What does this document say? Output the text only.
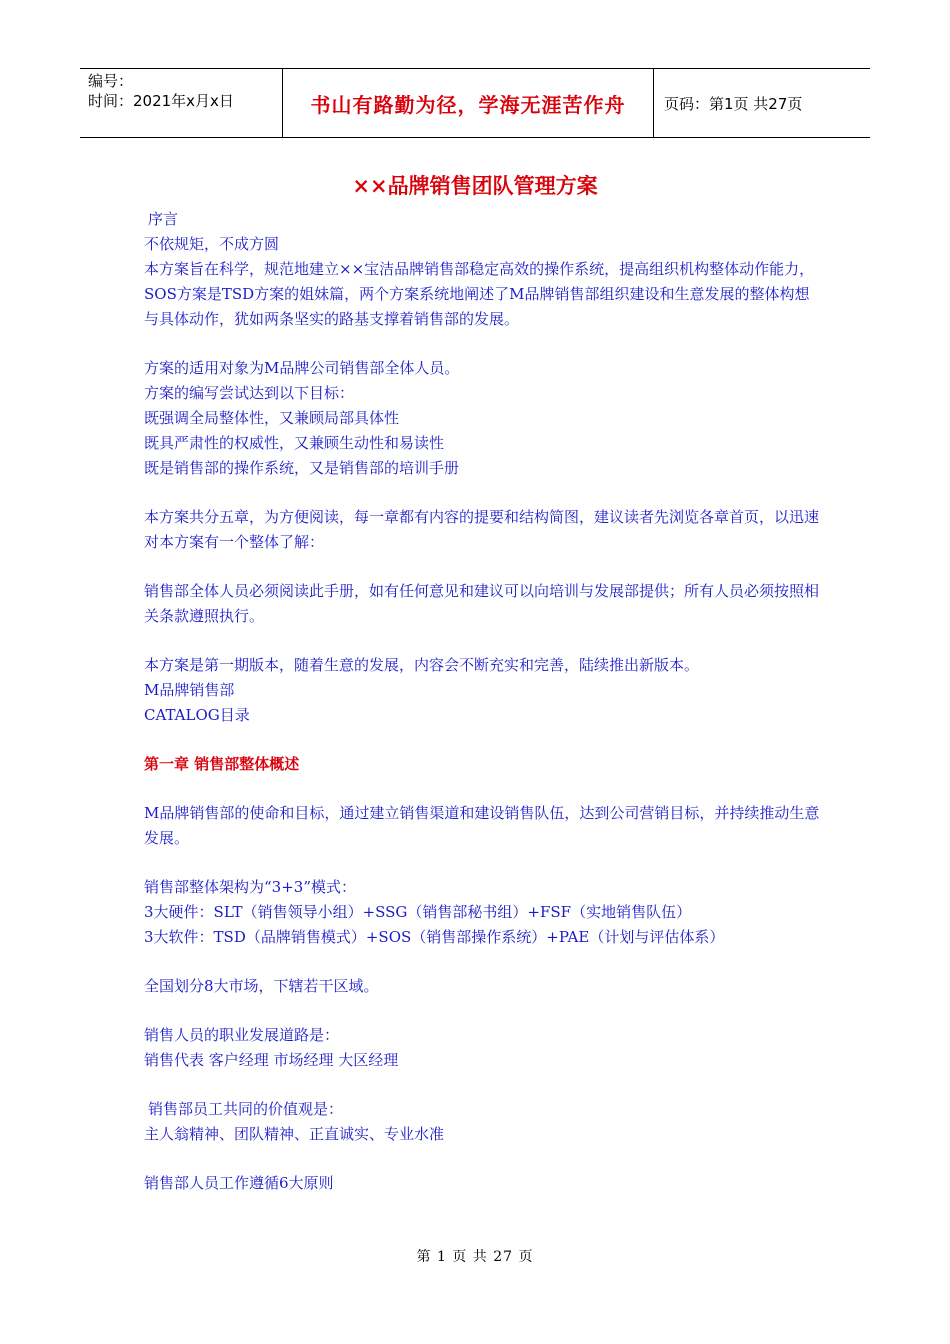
编号：
时间：2021年x月x日	书山有路勤为径，学海无涯苦作舟	页码：第1页 共27页
××品牌销售团队管理方案

序言

不依规矩，不成方圆

本方案旨在科学，规范地建立××宝洁品牌销售部稳定高效的操作系统，提高组织机构整体动作能力，SOS方案是TSD方案的姐妹篇，两个方案系统地阐述了M品牌销售部组织建设和生意发展的整体构想与具体动作，犹如两条坚实的路基支撑着销售部的发展。

方案的适用对象为M品牌公司销售部全体人员。

方案的编写尝试达到以下目标：

既强调全局整体性，又兼顾局部具体性

既具严肃性的权威性，又兼顾生动性和易读性

既是销售部的操作系统，又是销售部的培训手册

本方案共分五章，为方便阅读，每一章都有内容的提要和结构简图，建议读者先浏览各章首页，以迅速对本方案有一个整体了解：

销售部全体人员必须阅读此手册，如有任何意见和建议可以向培训与发展部提供；所有人员必须按照相关条款遵照执行。

本方案是第一期版本，随着生意的发展，内容会不断充实和完善，陆续推出新版本。

M品牌销售部

CATALOG目录

第一章 销售部整体概述

M品牌销售部的使命和目标，通过建立销售渠道和建设销售队伍，达到公司营销目标，并持续推动生意发展。

销售部整体架构为“3+3”模式：

3大硬件：SLT（销售领导小组）+SSG（销售部秘书组）+FSF（实地销售队伍）

3大软件：TSD（品牌销售模式）+SOS（销售部操作系统）+PAE（计划与评估体系）

全国划分8大市场，下辖若干区域。

销售人员的职业发展道路是：

销售代表 客户经理 市场经理 大区经理

销售部员工共同的价值观是：

主人翁精神、团队精神、正直诚实、专业水准

销售部人员工作遵循6大原则

第 1 页 共 27 页
